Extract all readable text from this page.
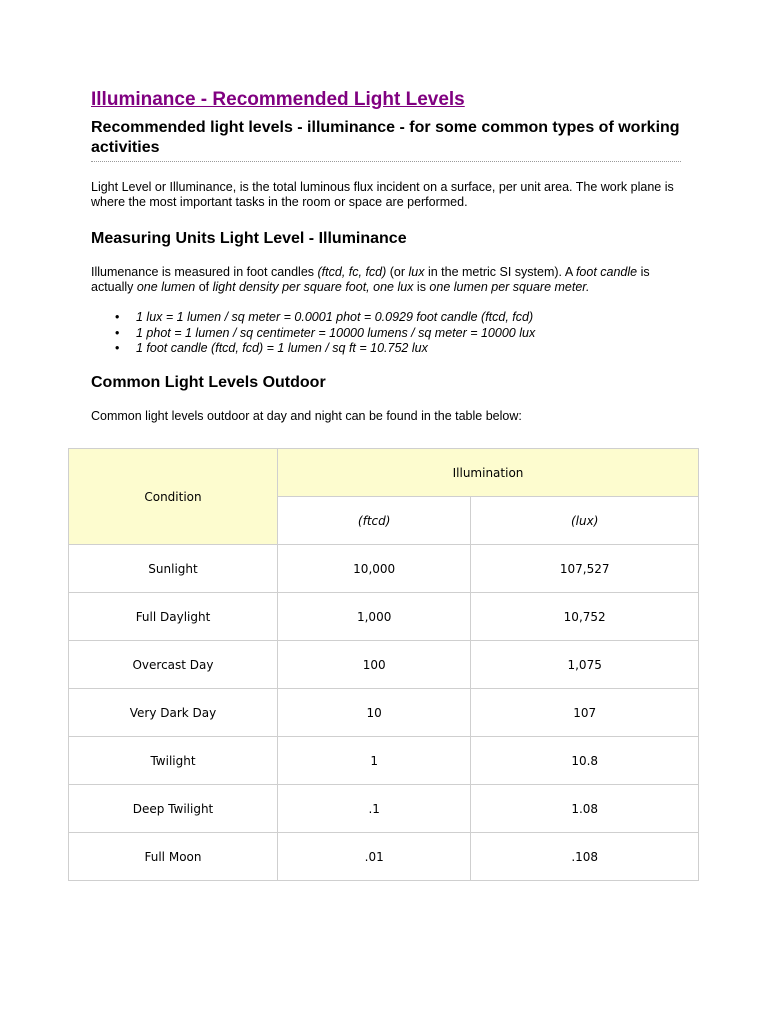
Illuminance - Recommended Light Levels
Recommended light levels - illuminance - for some common types of working activities

Light Level or Illuminance, is the total luminous flux incident on a surface, per unit area. The work plane is where the most important tasks in the room or space are performed.

Measuring Units Light Level - Illuminance

Illumenance is measured in foot candles (ftcd, fc, fcd) (or lux in the metric SI system). A foot candle is actually one lumen of light density per square foot, one lux is one lumen per square meter.

• 1 lux = 1 lumen / sq meter = 0.0001 phot = 0.0929 foot candle (ftcd, fcd)
• 1 phot = 1 lumen / sq centimeter = 10000 lumens / sq meter = 10000 lux
• 1 foot candle (ftcd, fcd) = 1 lumen / sq ft = 10.752 lux
Common Light Levels Outdoor

Common light levels outdoor at day and night can be found in the table below:

Condition	Illumination	
	(ftcd)	(lux)
Sunlight	10,000	107,527
Full Daylight	1,000	10,752
Overcast Day	100	1,075
Very Dark Day	10	107
Twilight	1	10.8
Deep Twilight	.1	1.08
Full Moon	.01	.108
